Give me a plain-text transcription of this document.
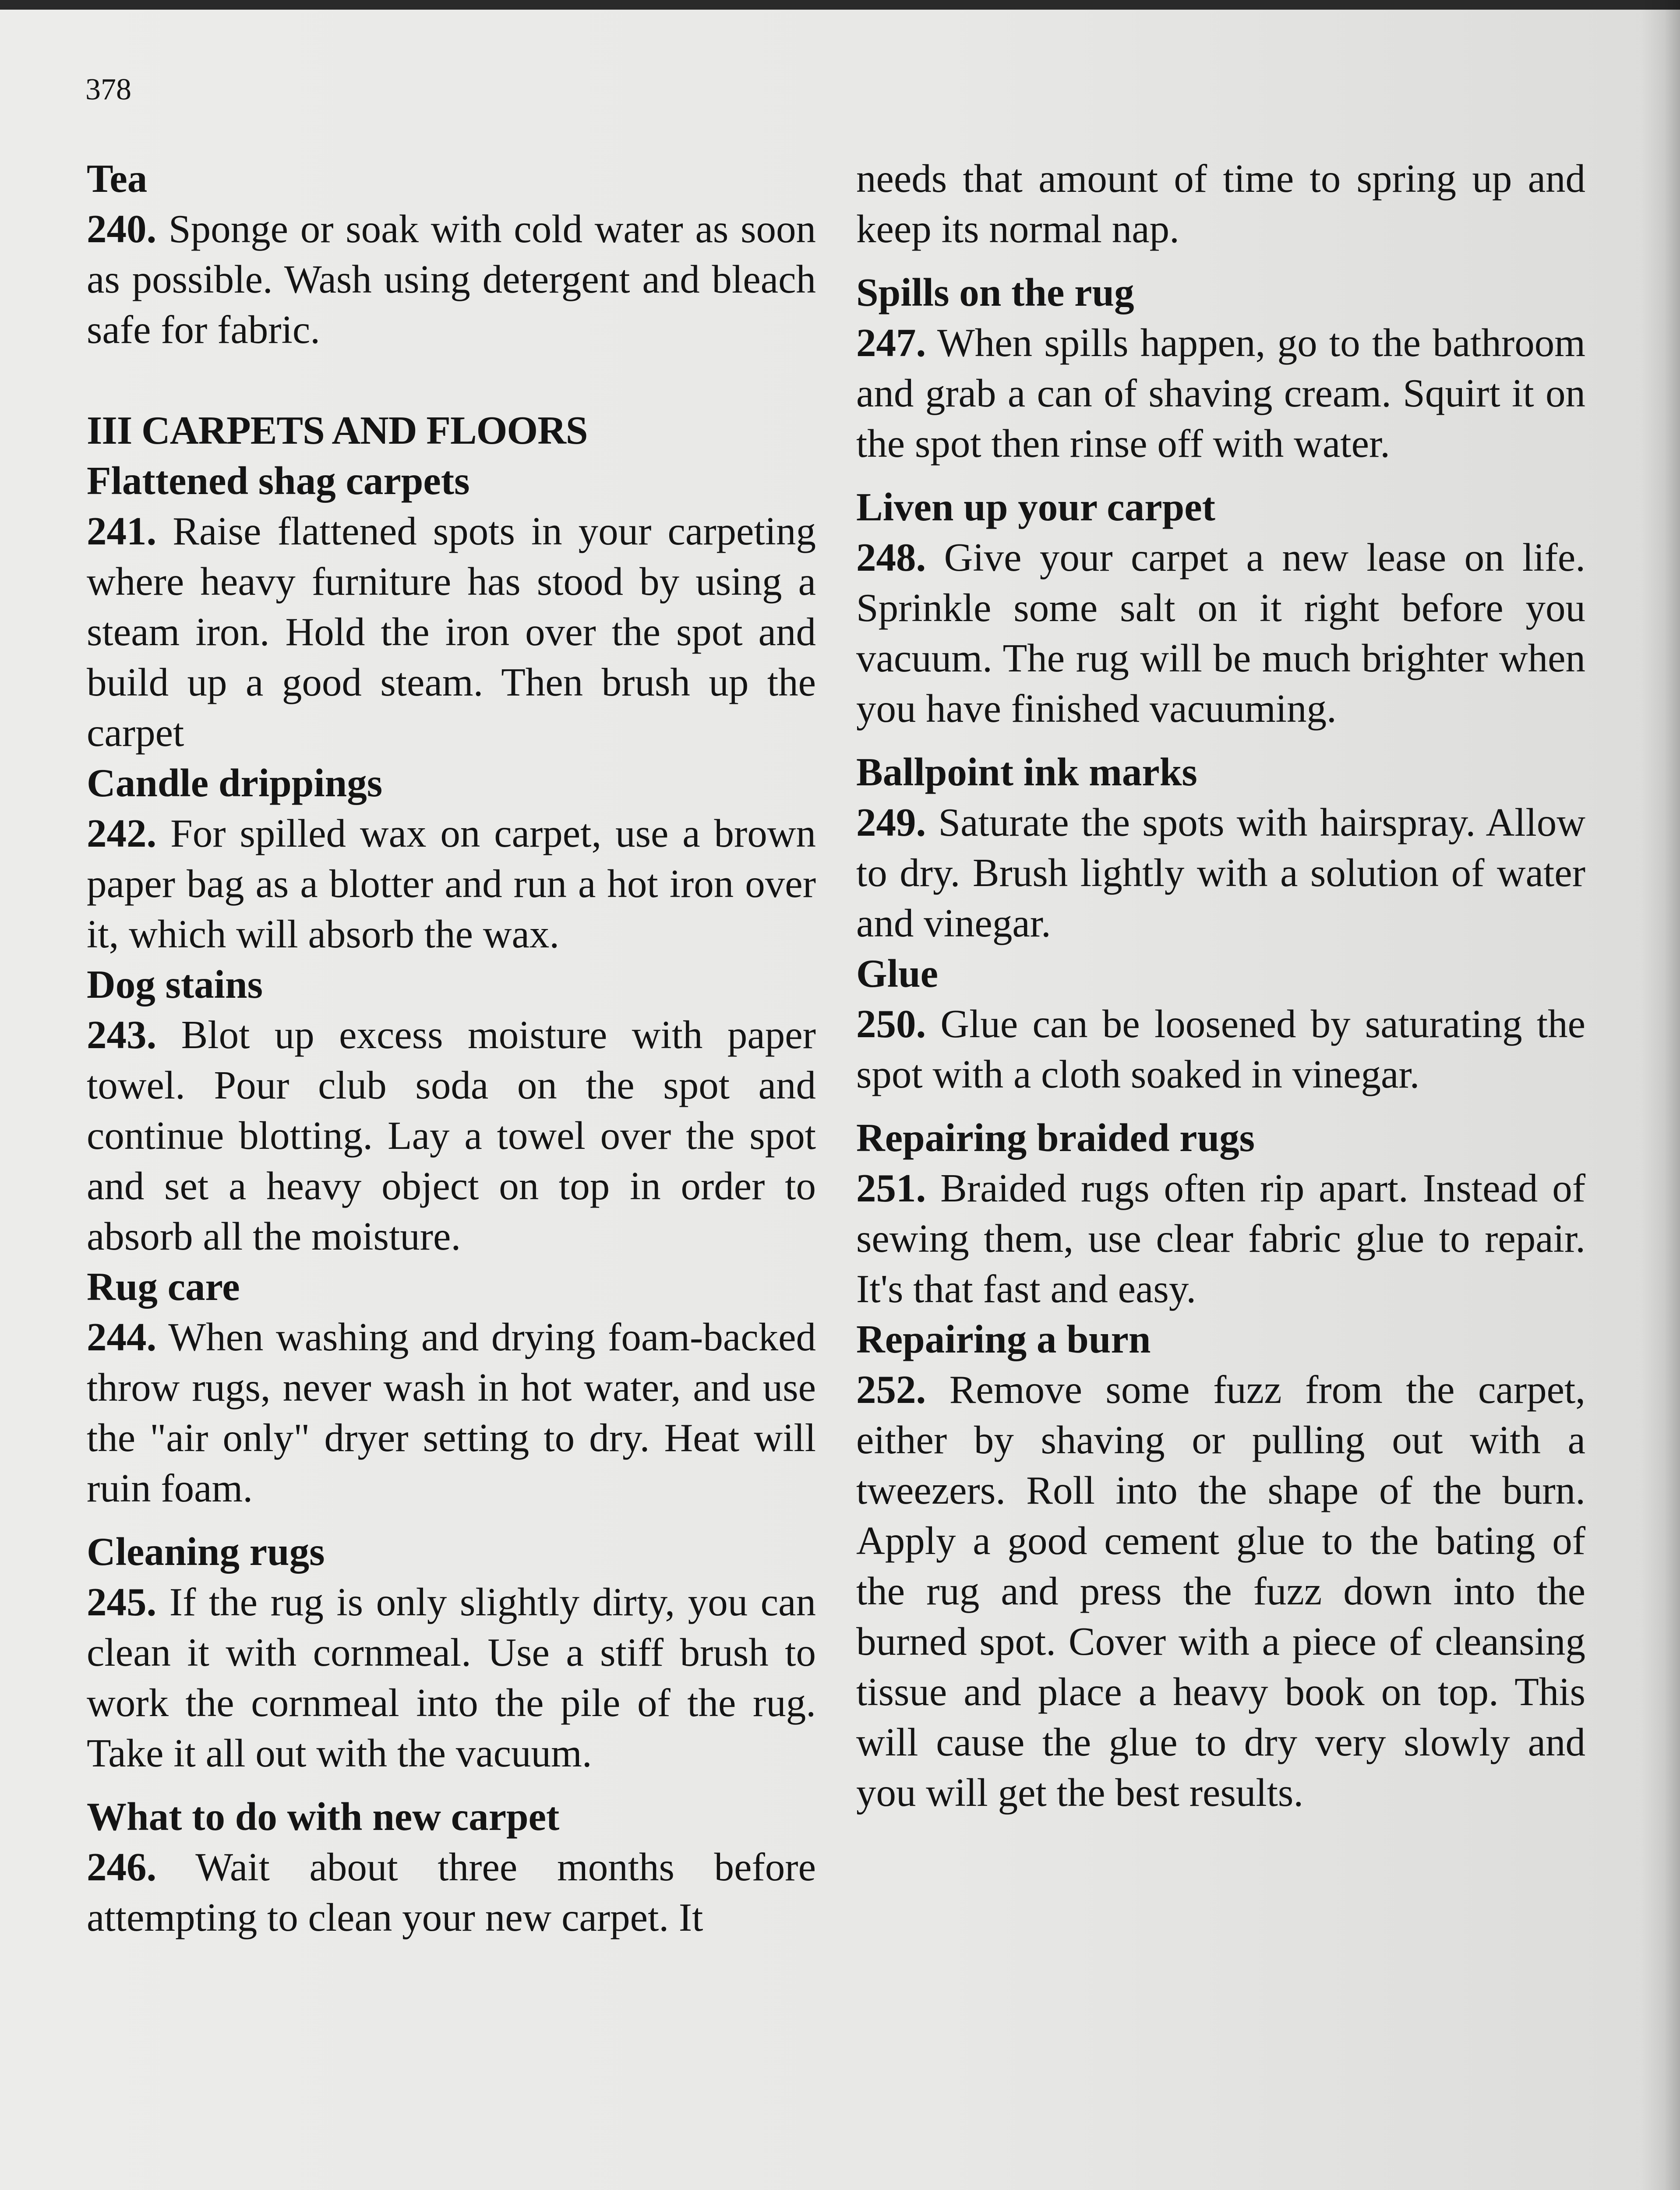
378

Tea

240. Sponge or soak with cold water as soon as possible. Wash using detergent and bleach safe for fabric.

III CARPETS AND FLOORS

Flattened shag carpets

241. Raise flattened spots in your carpeting where heavy furniture has stood by using a steam iron. Hold the iron over the spot and build up a good steam. Then brush up the carpet

Candle drippings

242. For spilled wax on carpet, use a brown paper bag as a blotter and run a hot iron over it, which will absorb the wax.

Dog stains

243. Blot up excess moisture with paper towel. Pour club soda on the spot and continue blotting. Lay a towel over the spot and set a heavy object on top in order to absorb all the moisture.

Rug care

244. When washing and drying foam-backed throw rugs, never wash in hot water, and use the "air only" dryer setting to dry. Heat will ruin foam.

Cleaning rugs

245. If the rug is only slightly dirty, you can clean it with cornmeal. Use a stiff brush to work the cornmeal into the pile of the rug. Take it all out with the vacuum.

What to do with new carpet

246. Wait about three months before attempting to clean your new carpet. It

needs that amount of time to spring up and keep its normal nap.

Spills on the rug

247. When spills happen, go to the bathroom and grab a can of shaving cream. Squirt it on the spot then rinse off with water.

Liven up your carpet

248. Give your carpet a new lease on life. Sprinkle some salt on it right before you vacuum. The rug will be much brighter when you have finished vacuuming.

Ballpoint ink marks

249. Saturate the spots with hairspray. Allow to dry. Brush lightly with a solution of water and vinegar.

Glue

250. Glue can be loosened by saturating the spot with a cloth soaked in vinegar.

Repairing braided rugs

251. Braided rugs often rip apart. Instead of sewing them, use clear fabric glue to repair. It's that fast and easy.

Repairing a burn

252. Remove some fuzz from the carpet, either by shaving or pulling out with a tweezers. Roll into the shape of the burn. Apply a good cement glue to the bating of the rug and press the fuzz down into the burned spot. Cover with a piece of cleansing tissue and place a heavy book on top. This will cause the glue to dry very slowly and you will get the best results.
